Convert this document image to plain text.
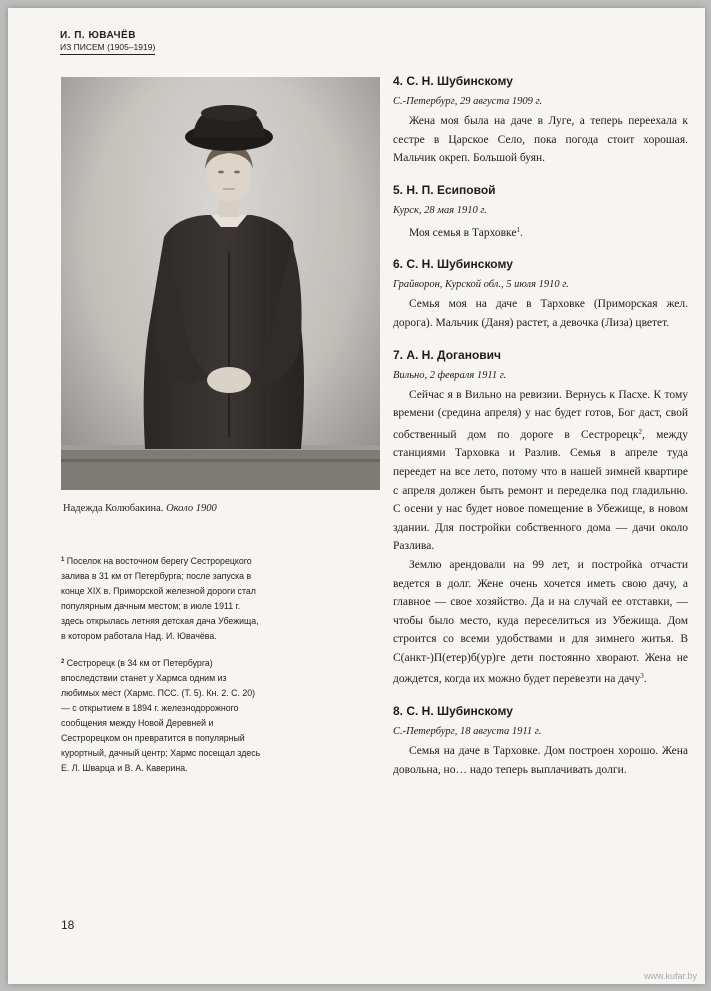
И. П. ЮВАЧЁВ
ИЗ ПИСЕМ (1905–1919)
Надежда Колюбакина. Около 1900

$^1$ Поселок на восточном берегу Сестрорецкого залива в 31 км от Петербурга; после запуска в конце XIX в. Приморской железной дороги стал популярным дачным местом; в июле 1911 г. здесь открылась летняя детская дача Убежища, в котором работала Над. И. Ювачёва.

$^2$ Сестрорецк (в 34 км от Петербурга) впоследствии станет у Хармса одним из любимых мест (Хармс. ПСС. (Т. 5). Кн. 2. С. 20) — с открытием в 1894 г. железнодорожного сообщения между Новой Деревней и Сестрорецком он превратится в популярный курортный, дачный центр; Хармс посещал здесь Е. Л. Шварца и В. А. Каверина.

4. С. Н. Шубинскому

С.-Петербург, 29 августа 1909 г.

Жена моя была на даче в Луге, а теперь переехала к сестре в Царское Село, пока погода стоит хорошая. Мальчик окреп. Большой буян.

5. Н. П. Есиповой

Курск, 28 мая 1910 г.

Моя семья в Тарховке$^1$.

6. С. Н. Шубинскому

Грайворон, Курской обл., 5 июля 1910 г.

Семья моя на даче в Тарховке (Приморская жел. дорога). Мальчик (Даня) растет, а девочка (Лиза) цветет.

7. А. Н. Доганович

Вильно, 2 февраля 1911 г.

Сейчас я в Вильно на ревизии. Вернусь к Пасхе. К тому времени (средина апреля) у нас будет готов, Бог даст, свой собственный дом по дороге в Сестрорецк$^2$, между станциями Тарховка и Разлив. Семья в апреле туда переедет на все лето, потому что в нашей зимней квартире с апреля должен быть ремонт и переделка под гладильню. С осени у нас будет новое помещение в Убежище, в новом здании. Для постройки собственного дома — дачи около Разлива.

Землю арендовали на 99 лет, и постройка отчасти ведется в долг. Жене очень хочется иметь свою дачу, а главное — свое хозяйство. Да и на случай ее отставки, — чтобы было место, куда переселиться из Убежища. Дом строится со всеми удобствами и для зимнего житья. В С(анкт-)П(етер)б(ур)ге дети постоянно хворают. Жена не дождется, когда их можно будет перевезти на дачу$^3$.

8. С. Н. Шубинскому

С.-Петербург, 18 августа 1911 г.

Семья на даче в Тарховке. Дом построен хорошо. Жена довольна, но… надо теперь выплачивать долги.

18
www.kufar.by
